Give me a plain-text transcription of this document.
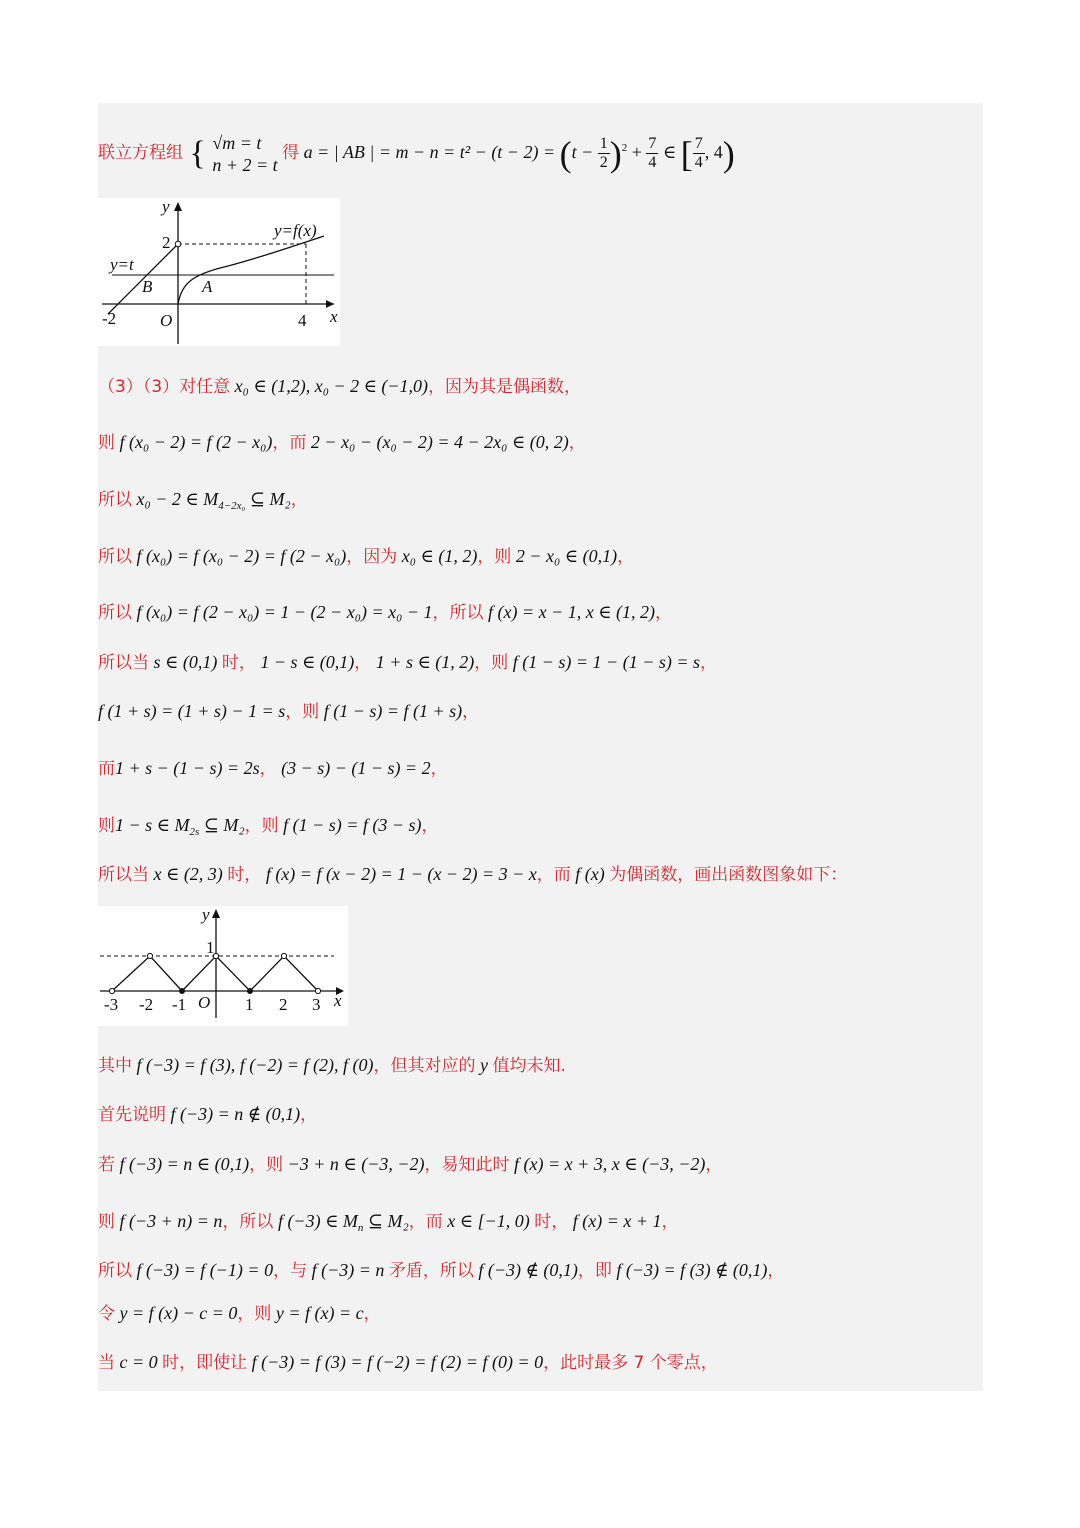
联立方程组 { √m = t
n + 2 = t
得 a = | AB | = $m - n = t^2 - (t - 2) = (t - \frac{1}{2} )^2 + \frac{7}{4}$ ∈ [ $\frac{7}{4}$ , 4)
y
x
y=f(x)
y=t
2
-2	4
O
A
B
（3）（3）对任意 x₀ ∈ (1,2), x₀ − 2 ∈ (−1,0)，因为其是偶函数，
则 f (x₀ − 2) = f (2 − x₀)，而 2 − x₀ − (x₀ − 2) = 4 − 2x₀ ∈ (0, 2)，
所以 x₀ − 2 ∈ $M_{4-2x_0}$ ⊆ M₂，
所以 f (x₀) = f (x₀ − 2) = f (2 − x₀)，因为 x₀ ∈ (1, 2)，则 2 − x₀ ∈ (0,1)，
所以 f (x₀) = f (2 − x₀) = 1 − (2 − x₀) = x₀ − 1，所以 f (x) = x − 1, x ∈ (1, 2)，
所以当 s ∈ (0,1) 时， 1 − s ∈ (0,1)， 1 + s ∈ (1, 2)，则 f (1 − s) = 1 − (1 − s) = s，
f (1 + s) = (1 + s) − 1 = s，则 f (1 − s) = f (1 + s)，
而1 + s − (1 − s) = 2s， (3 − s) − (1 − s) = 2，
则1 − s ∈ $M_{2s}$ ⊆ M₂，则 f (1 − s) = f (3 − s)，
所以当 x ∈ (2, 3) 时， f (x) = f (x − 2) = 1 − (x − 2) = 3 − x，而 f (x) 为偶函数，画出函数图象如下：
y
x
1
O
-3 -2 -1	1 2 3
其中 f (−3) = f (3), f (−2) = f (2), f (0)，但其对应的 y 值均未知.
首先说明 f (−3) = n ∉ (0,1)，
若 f (−3) = n ∈ (0,1)，则 −3 + n ∈ (−3, −2)，易知此时 f (x) = x + 3, x ∈ (−3, −2)，
则 f (−3 + n) = n，所以 f (−3) ∈ $M_n$ ⊆ M₂，而 x ∈ [−1, 0) 时， f (x) = x + 1，
所以 f (−3) = f (−1) = 0，与 f (−3) = n 矛盾，所以 f (−3) ∉ (0,1)，即 f (−3) = f (3) ∉ (0,1)，
令 y = f (x) − c = 0，则 y = f (x) = c，
当 c = 0 时，即使让 f (−3) = f (3) = f (−2) = f (2) = f (0) = 0，此时最多 7 个零点，
